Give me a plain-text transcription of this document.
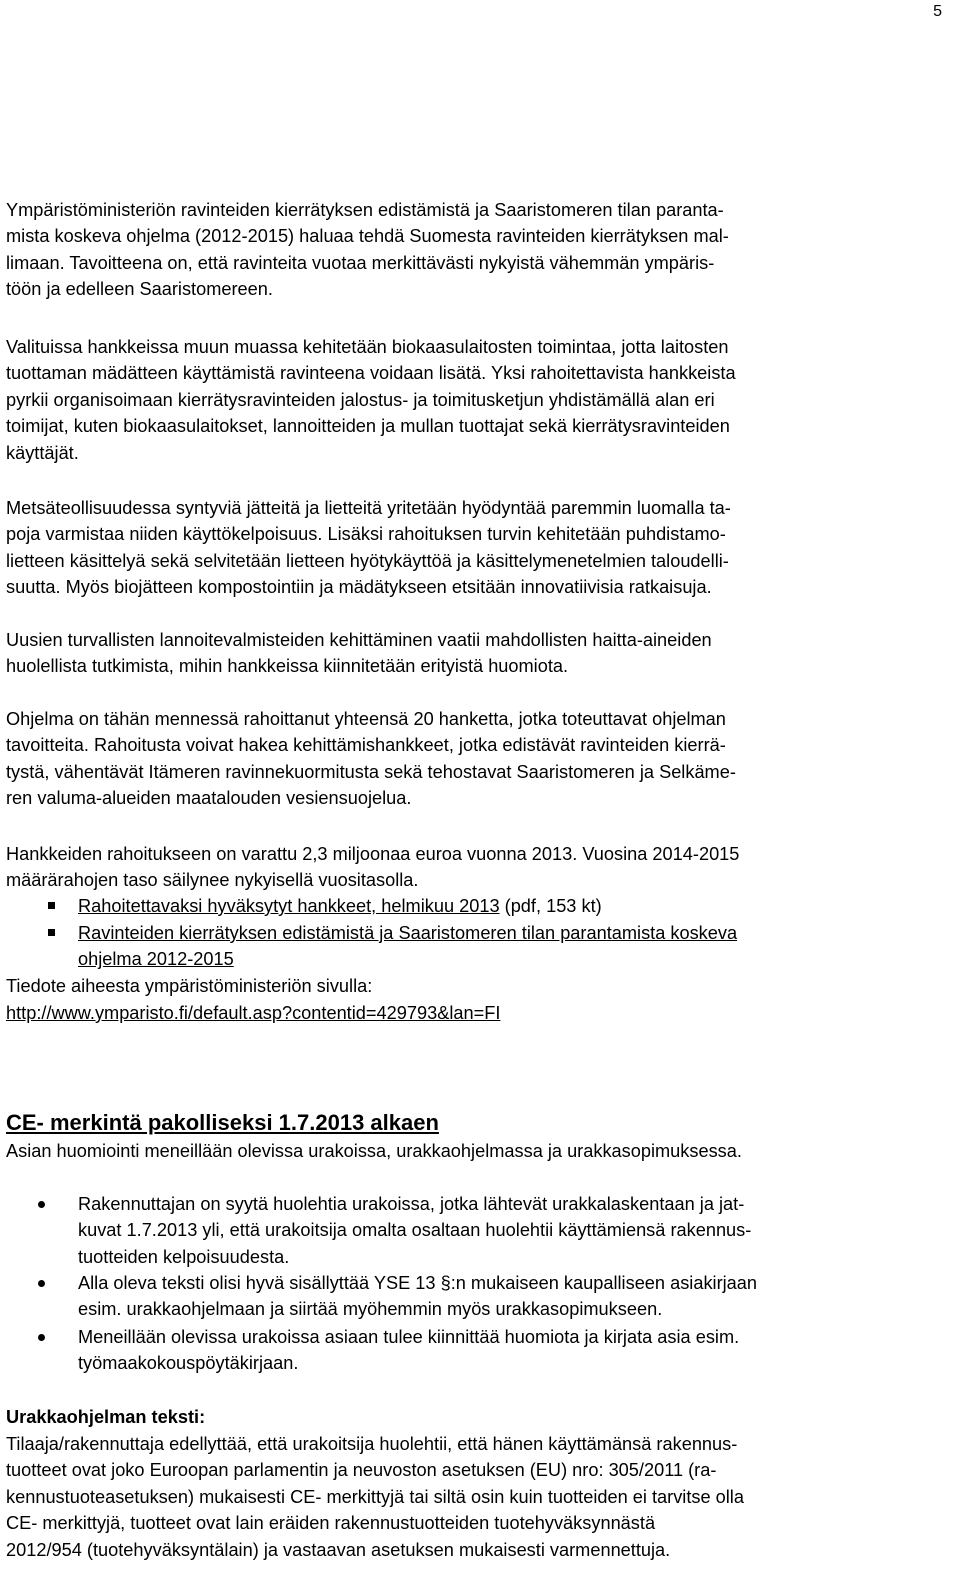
5
Ympäristöministeriön ravinteiden kierrätyksen edistämistä ja Saaristomeren tilan paranta-
mista koskeva ohjelma (2012-2015) haluaa tehdä Suomesta ravinteiden kierrätyksen mal-
limaan. Tavoitteena on, että ravinteita vuotaa merkittävästi nykyistä vähemmän ympäris-
töön ja edelleen Saaristomereen.
Valituissa hankkeissa muun muassa kehitetään biokaasulaitosten toimintaa, jotta laitosten
tuottaman mädätteen käyttämistä ravinteena voidaan lisätä. Yksi rahoitettavista hankkeista
pyrkii organisoimaan kierrätysravinteiden jalostus- ja toimitusketjun yhdistämällä alan eri
toimijat, kuten biokaasulaitokset, lannoitteiden ja mullan tuottajat sekä kierrätysravinteiden
käyttäjät.
Metsäteollisuudessa syntyviä jätteitä ja lietteitä yritetään hyödyntää paremmin luomalla ta-
poja varmistaa niiden käyttökelpoisuus. Lisäksi rahoituksen turvin kehitetään puhdistamo-
lietteen käsittelyä sekä selvitetään lietteen hyötykäyttöä ja käsittelymenetelmien taloudelli-
suutta. Myös biojätteen kompostointiin ja mädätykseen etsitään innovatiivisia ratkaisuja.
Uusien turvallisten lannoitevalmisteiden kehittäminen vaatii mahdollisten haitta-aineiden
huolellista tutkimista, mihin hankkeissa kiinnitetään erityistä huomiota.
Ohjelma on tähän mennessä rahoittanut yhteensä 20 hanketta, jotka toteuttavat ohjelman
tavoitteita. Rahoitusta voivat hakea kehittämishankkeet, jotka edistävät ravinteiden kierrä-
tystä, vähentävät Itämeren ravinnekuormitusta sekä tehostavat Saaristomeren ja Selkäme-
ren valuma-alueiden maatalouden vesiensuojelua.
Hankkeiden rahoitukseen on varattu 2,3 miljoonaa euroa vuonna 2013. Vuosina 2014-2015
määrärahojen taso säilynee nykyisellä vuositasolla.
Rahoitettavaksi hyväksytyt hankkeet, helmikuu 2013 (pdf, 153 kt)
Ravinteiden kierrätyksen edistämistä ja Saaristomeren tilan parantamista koskeva
ohjelma 2012-2015
Tiedote aiheesta ympäristöministeriön sivulla:
http://www.ymparisto.fi/default.asp?contentid=429793&lan=FI
CE- merkintä pakolliseksi 1.7.2013 alkaen
Asian huomiointi meneillään olevissa urakoissa, urakkaohjelmassa ja urakkasopimuksessa.
Rakennuttajan on syytä huolehtia urakoissa, jotka lähtevät urakkalaskentaan ja jat-
kuvat 1.7.2013 yli, että urakoitsija omalta osaltaan huolehtii käyttämiensä rakennus-
tuotteiden kelpoisuudesta.
Alla oleva teksti olisi hyvä sisällyttää YSE 13 §:n mukaiseen kaupalliseen asiakirjaan
esim. urakkaohjelmaan ja siirtää myöhemmin myös urakkasopimukseen.
Meneillään olevissa urakoissa asiaan tulee kiinnittää huomiota ja kirjata asia esim.
työmaakokouspöytäkirjaan.
Urakkaohjelman teksti:
Tilaaja/rakennuttaja edellyttää, että urakoitsija huolehtii, että hänen käyttämänsä rakennus-
tuotteet ovat joko Euroopan parlamentin ja neuvoston asetuksen (EU) nro: 305/2011 (ra-
kennustuoteasetuksen) mukaisesti CE- merkittyjä tai siltä osin kuin tuotteiden ei tarvitse olla
CE- merkittyjä, tuotteet ovat lain eräiden rakennustuotteiden tuotehyväksynnästä
2012/954 (tuotehyväksyntälain) ja vastaavan asetuksen mukaisesti varmennettuja.
